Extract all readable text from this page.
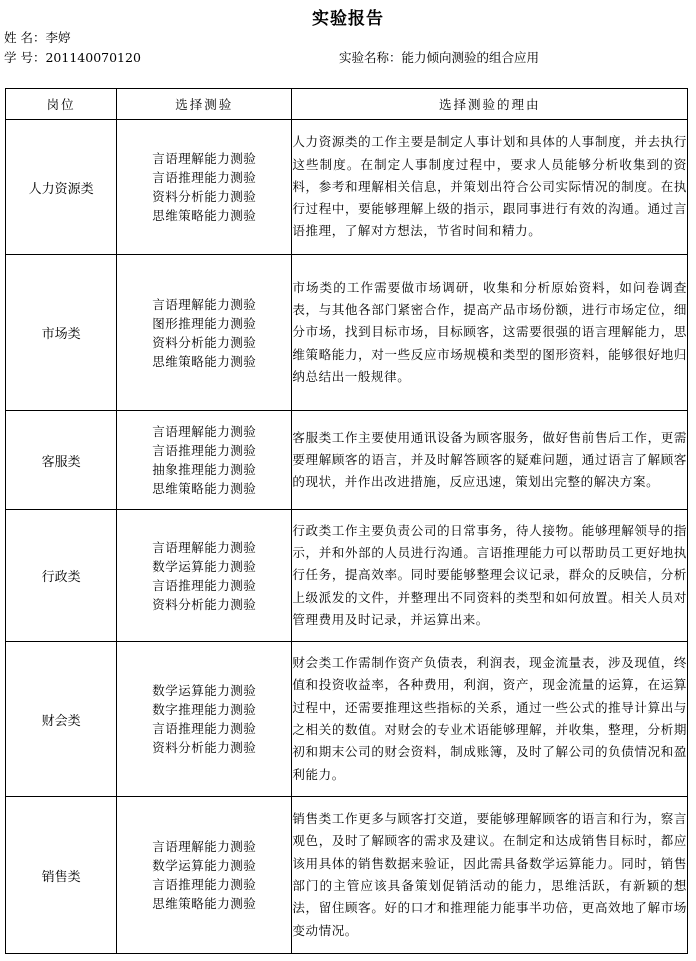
实验报告
姓 名：李婷
学 号：201140070120	实验名称：能力倾向测验的组合应用
岗位	选择测验	选择测验的理由
人力资源类	言语理解能力测验
言语推理能力测验
资料分析能力测验
思维策略能力测验	人力资源类的工作主要是制定人事计划和具体的人事制度，并去执行这些制度。在制定人事制度过程中，要求人员能够分析收集到的资料，参考和理解相关信息，并策划出符合公司实际情况的制度。在执行过程中，要能够理解上级的指示，跟同事进行有效的沟通。通过言语推理，了解对方想法，节省时间和精力。
市场类	言语理解能力测验
图形推理能力测验
资料分析能力测验
思维策略能力测验	市场类的工作需要做市场调研，收集和分析原始资料，如问卷调查表，与其他各部门紧密合作，提高产品市场份额，进行市场定位，细分市场，找到目标市场，目标顾客，这需要很强的语言理解能力，思维策略能力，对一些反应市场规模和类型的图形资料，能够很好地归纳总结出一般规律。
客服类	言语理解能力测验
言语推理能力测验
抽象推理能力测验
思维策略能力测验	客服类工作主要使用通讯设备为顾客服务，做好售前售后工作，更需要理解顾客的语言，并及时解答顾客的疑难问题，通过语言了解顾客的现状，并作出改进措施，反应迅速，策划出完整的解决方案。
行政类	言语理解能力测验
数学运算能力测验
言语推理能力测验
资料分析能力测验	行政类工作主要负责公司的日常事务，待人接物。能够理解领导的指示，并和外部的人员进行沟通。言语推理能力可以帮助员工更好地执行任务，提高效率。同时要能够整理会议记录，群众的反映信，分析上级派发的文件，并整理出不同资料的类型和如何放置。相关人员对管理费用及时记录，并运算出来。
财会类	数学运算能力测验
数字推理能力测验
言语推理能力测验
资料分析能力测验	财会类工作需制作资产负债表，利润表，现金流量表，涉及现值，终值和投资收益率，各种费用，利润，资产，现金流量的运算，在运算过程中，还需要推理这些指标的关系，通过一些公式的推导计算出与之相关的数值。对财会的专业术语能够理解，并收集，整理，分析期初和期末公司的财会资料，制成账簿，及时了解公司的负债情况和盈利能力。
销售类	言语理解能力测验
数学运算能力测验
言语推理能力测验
思维策略能力测验	销售类工作更多与顾客打交道，要能够理解顾客的语言和行为，察言观色，及时了解顾客的需求及建议。在制定和达成销售目标时，都应该用具体的销售数据来验证，因此需具备数学运算能力。同时，销售部门的主管应该具备策划促销活动的能力，思维活跃，有新颖的想法，留住顾客。好的口才和推理能力能事半功倍，更高效地了解市场变动情况。
